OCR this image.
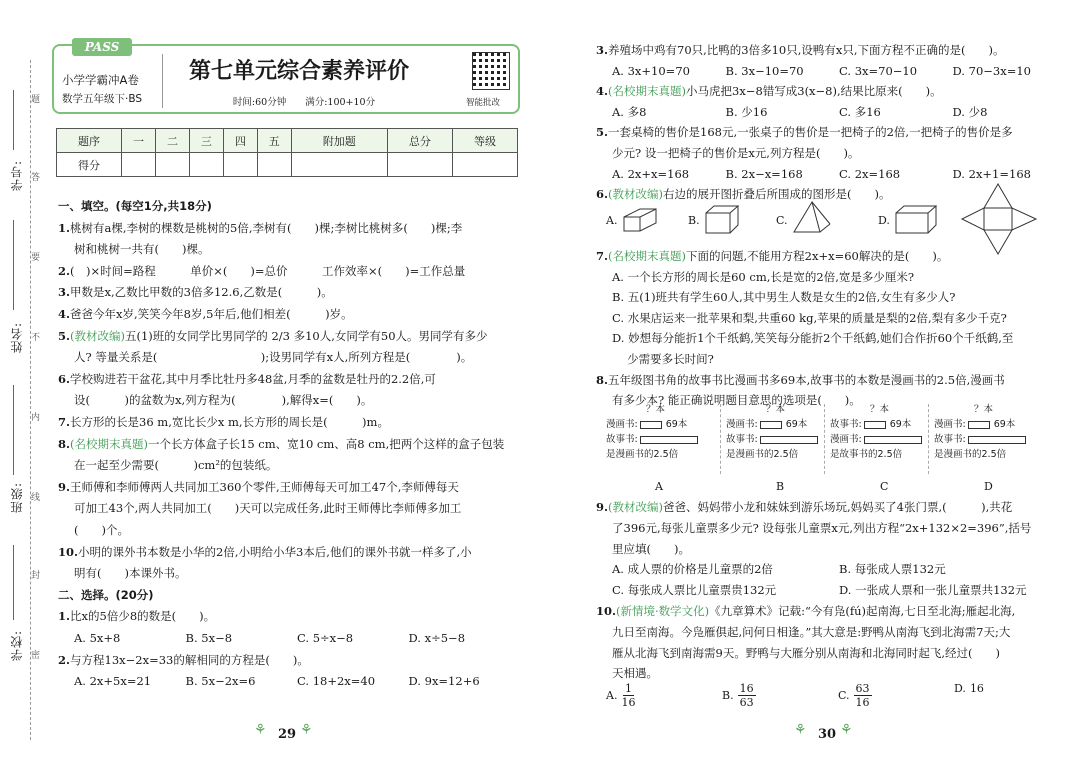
题
答
要
不
内
线
封
密
学号:
姓名:
班级:
学校:
PASS
小学学霸冲A卷
数学五年级下·BS
第七单元综合素养评价
时间:60分钟　　满分:100+10分	智能批改
题序	一	二	三	四	五	附加题	总分	等级
得分								
一、填空。(每空1分,共18分)
1.桃树有a棵,李树的棵数是桃树的5倍,李树有(　　)棵;李树比桃树多(　　)棵;李
树和桃树一共有(　　)棵。
2.(　)×时间=路程　　　单价×(　　)=总价　　　工作效率×(　　)=工作总量
3.甲数是x,乙数比甲数的3倍多12.6,乙数是(　　　)。
4.爸爸今年x岁,笑笑今年8岁,5年后,他们相差(　　　)岁。
5.(教材改编)五(1)班的女同学比男同学的 2/3 多10人,女同学有50人。男同学有多少
人? 等量关系是(　　　　　　　　　);设男同学有x人,所列方程是(　　　　)。
6.学校购进若干盆花,其中月季比牡丹多48盆,月季的盆数是牡丹的2.2倍,可
设(　　　)的盆数为x,列方程为(　　　　),解得x=(　　)。
7.长方形的长是36 m,宽比长少x m,长方形的周长是(　　　)m。
8.(名校期末真题)一个长方体盒子长15 cm、宽10 cm、高8 cm,把两个这样的盒子包装
在一起至少需要(　　　)cm²的包装纸。
9.王师傅和李师傅两人共同加工360个零件,王师傅每天可加工47个,李师傅每天
可加工43个,两人共同加工(　　)天可以完成任务,此时王师傅比李师傅多加工
(　　)个。
10.小明的课外书本数是小华的2倍,小明给小华3本后,他们的课外书就一样多了,小
明有(　　)本课外书。
二、选择。(20分)
1.比x的5倍少8的数是(　　)。
A. 5x+8	B. 5x−8	C. 5÷x−8	D. x÷5−8
2.与方程13x−2x=33的解相同的方程是(　　)。
A. 2x+5x=21	B. 5x−2x=6	C. 18+2x=40	D. 9x=12+6
⚘ 29 ⚘
3.养殖场中鸡有70只,比鸭的3倍多10只,设鸭有x只,下面方程不正确的是(　　)。
A. 3x+10=70	B. 3x−10=70	C. 3x=70−10	D. 70−3x=10
4.(名校期末真题)小马虎把3x−8错写成3(x−8),结果比原来(　　)。
A. 多8	B. 少16	C. 多16	D. 少8
5.一套桌椅的售价是168元,一张桌子的售价是一把椅子的2倍,一把椅子的售价是多
少元? 设一把椅子的售价是x元,列方程是(　　)。
A. 2x+x=168	B. 2x−x=168	C. 2x=168	D. 2x+1=168
6.(教材改编)右边的展开图折叠后所围成的图形是(　　)。
7.(名校期末真题)下面的问题,不能用方程2x+x=60解决的是(　　)。
A. 一个长方形的周长是60 cm,长是宽的2倍,宽是多少厘米?
B. 五(1)班共有学生60人,其中男生人数是女生的2倍,女生有多少人?
C. 水果店运来一批苹果和梨,共重60 kg,苹果的质量是梨的2倍,梨有多少千克?
D. 妙想每分能折1个千纸鹤,笑笑每分能折2个千纸鹤,她们合作折60个千纸鹤,至
　 少需要多长时间?
8.五年级图书角的故事书比漫画书多69本,故事书的本数是漫画书的2.5倍,漫画书
有多少本? 能正确说明题目意思的选项是(　　)。
A.	B.	C.	D.
？本
漫画书:	69本
故事书:
是漫画书的2.5倍
？本
漫画书:	69本
故事书:
是漫画书的2.5倍
？本
故事书:	69本
漫画书:
是故事书的2.5倍
？本
漫画书:	69本
故事书:
是漫画书的2.5倍
A	B	C	D
9.(教材改编)爸爸、妈妈带小龙和妹妹到游乐场玩,妈妈买了4张门票,(　　　),共花
了396元,每张儿童票多少元? 设每张儿童票x元,列出方程“2x+132×2=396”,括号
里应填(　　)。
A. 成人票的价格是儿童票的2倍	B. 每张成人票132元
C. 每张成人票比儿童票贵132元	D. 一张成人票和一张儿童票共132元
10.(新情境·数学文化)《九章算术》记载:“今有凫(fú)起南海,七日至北海;雁起北海,
九日至南海。今凫雁俱起,问何日相逢。”其大意是:野鸭从南海飞到北海需7天;大
雁从北海飞到南海需9天。野鸭与大雁分别从南海和北海同时起飞,经过(　　)
天相遇。
A. $\frac{1}{16}$	B. $\frac{16}{63}$	C. $\frac{63}{16}$	D. 16
⚘ 30 ⚘
